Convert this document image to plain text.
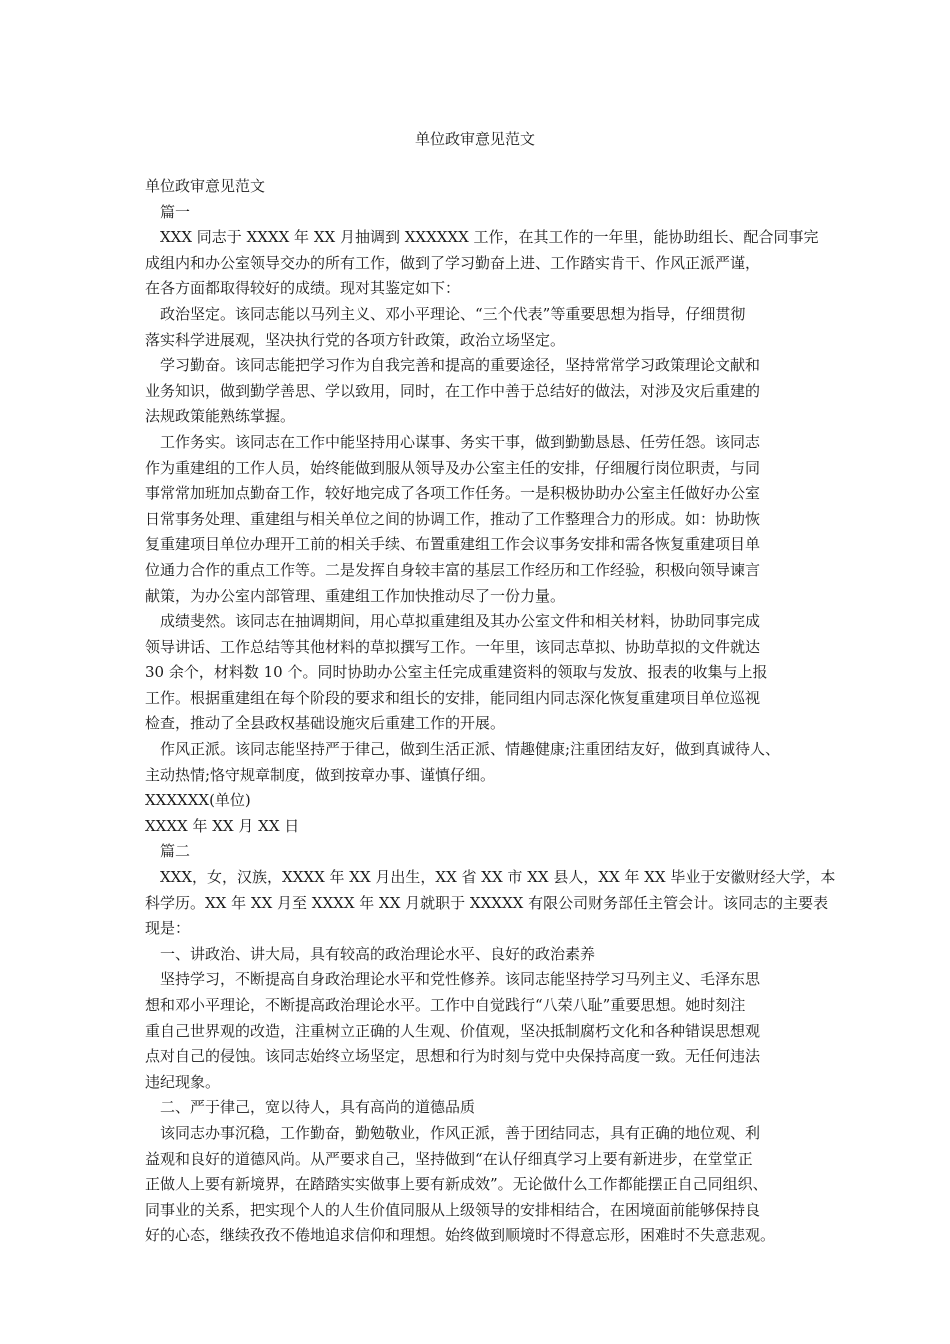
单位政审意见范文
单位政审意见范文
篇一
XXX 同志于 XXXX 年 XX 月抽调到 XXXXXX 工作，在其工作的一年里，能协助组长、配合同事完
成组内和办公室领导交办的所有工作，做到了学习勤奋上进、工作踏实肯干、作风正派严谨，
在各方面都取得较好的成绩。现对其鉴定如下：
政治坚定。该同志能以马列主义、邓小平理论、“三个代表”等重要思想为指导，仔细贯彻
落实科学进展观，坚决执行党的各项方针政策，政治立场坚定。
学习勤奋。该同志能把学习作为自我完善和提高的重要途径，坚持常常学习政策理论文献和
业务知识，做到勤学善思、学以致用，同时，在工作中善于总结好的做法，对涉及灾后重建的
法规政策能熟练掌握。
工作务实。该同志在工作中能坚持用心谋事、务实干事，做到勤勤恳恳、任劳任怨。该同志
作为重建组的工作人员，始终能做到服从领导及办公室主任的安排，仔细履行岗位职责，与同
事常常加班加点勤奋工作，较好地完成了各项工作任务。一是积极协助办公室主任做好办公室
日常事务处理、重建组与相关单位之间的协调工作，推动了工作整理合力的形成。如：协助恢
复重建项目单位办理开工前的相关手续、布置重建组工作会议事务安排和需各恢复重建项目单
位通力合作的重点工作等。二是发挥自身较丰富的基层工作经历和工作经验，积极向领导谏言
献策，为办公室内部管理、重建组工作加快推动尽了一份力量。
成绩斐然。该同志在抽调期间，用心草拟重建组及其办公室文件和相关材料，协助同事完成
领导讲话、工作总结等其他材料的草拟撰写工作。一年里，该同志草拟、协助草拟的文件就达
30 余个，材料数 10 个。同时协助办公室主任完成重建资料的领取与发放、报表的收集与上报
工作。根据重建组在每个阶段的要求和组长的安排，能同组内同志深化恢复重建项目单位巡视
检查，推动了全县政权基础设施灾后重建工作的开展。
作风正派。该同志能坚持严于律己，做到生活正派、情趣健康;注重团结友好，做到真诚待人、
主动热情;恪守规章制度，做到按章办事、谨慎仔细。
XXXXXX(单位)
XXXX 年 XX 月 XX 日
篇二
XXX，女，汉族，XXXX 年 XX 月出生，XX 省 XX 市 XX 县人，XX 年 XX 毕业于安徽财经大学，本
科学历。XX 年 XX 月至 XXXX 年 XX 月就职于 XXXXX 有限公司财务部任主管会计。该同志的主要表
现是：
一、讲政治、讲大局，具有较高的政治理论水平、良好的政治素养
坚持学习，不断提高自身政治理论水平和党性修养。该同志能坚持学习马列主义、毛泽东思
想和邓小平理论，不断提高政治理论水平。工作中自觉践行“八荣八耻”重要思想。她时刻注
重自己世界观的改造，注重树立正确的人生观、价值观，坚决抵制腐朽文化和各种错误思想观
点对自己的侵蚀。该同志始终立场坚定，思想和行为时刻与党中央保持高度一致。无任何违法
违纪现象。
二、严于律己，宽以待人，具有高尚的道德品质
该同志办事沉稳，工作勤奋，勤勉敬业，作风正派，善于团结同志，具有正确的地位观、利
益观和良好的道德风尚。从严要求自己，坚持做到“在认仔细真学习上要有新进步，在堂堂正
正做人上要有新境界，在踏踏实实做事上要有新成效”。无论做什么工作都能摆正自己同组织、
同事业的关系，把实现个人的人生价值同服从上级领导的安排相结合，在困境面前能够保持良
好的心态，继续孜孜不倦地追求信仰和理想。始终做到顺境时不得意忘形，困难时不失意悲观。
